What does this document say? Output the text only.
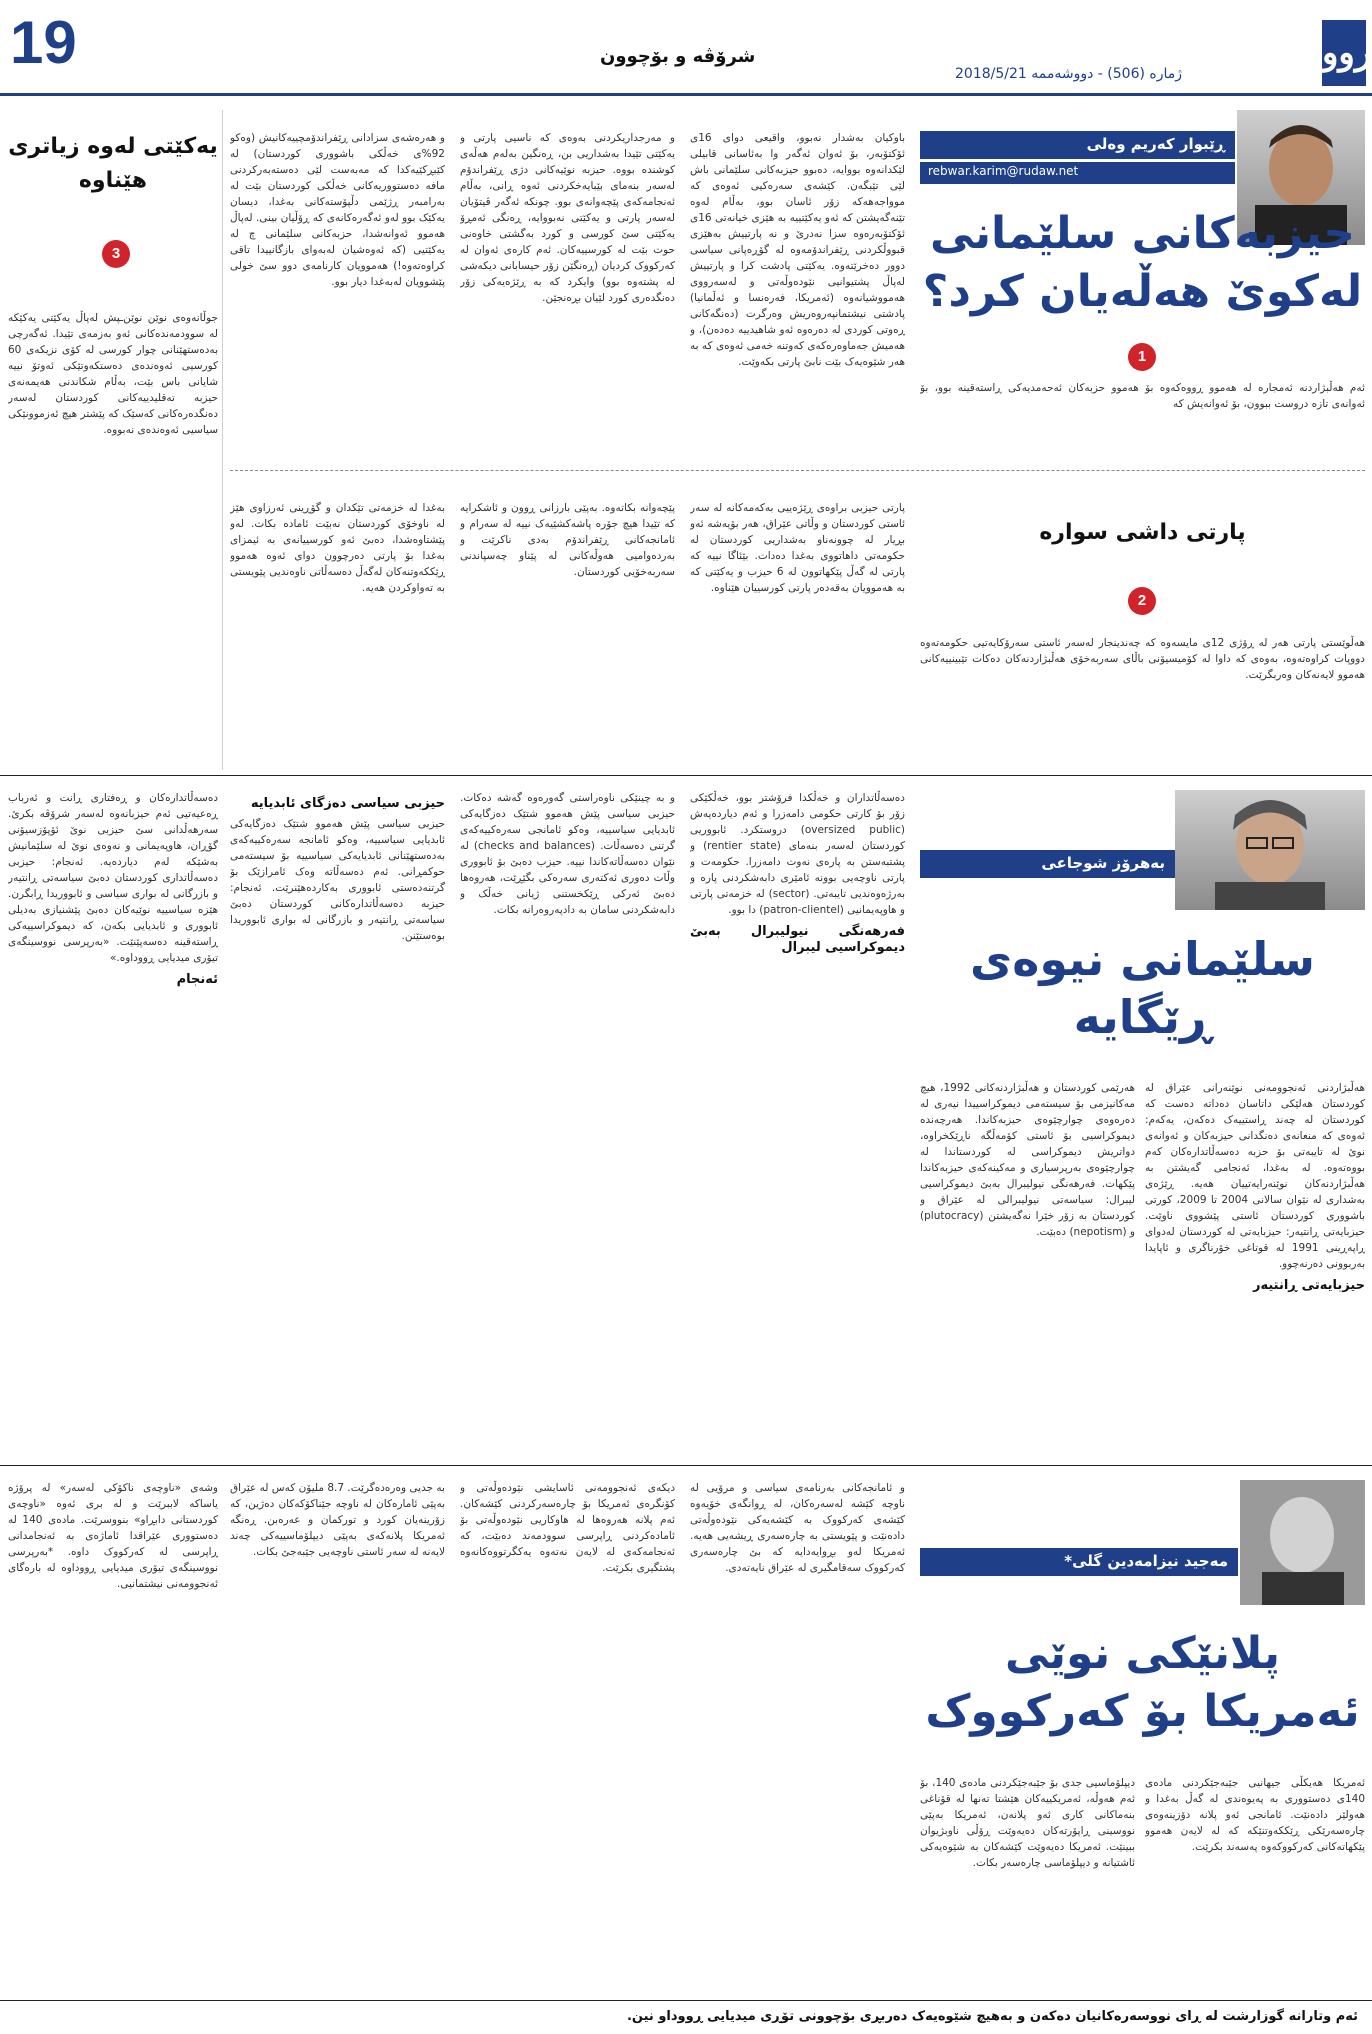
19	شرۆڤە و بۆچوون
ژمارە (506) - دووشەممە 2018/5/21
روو
ڕێبوار کەریم وەلی
rebwar.karim@rudaw.net
حیزبەکانی سلێمانی لەکوێ هەڵەیان کرد؟
1

ئەم هەڵبژاردنە ئەمجارە لە هەموو ڕووەکەوە بۆ هەموو حزبەکان ئەحەمدیەکی ڕاستەقینە بوو، بۆ ئەوانەی تازە دروست ببوون، بۆ ئەوانەیش کە

باوکیان بەشدار نەبوو، واقیعی دوای 16ی ئۆکتۆبەر، بۆ ئەوان ئەگەر وا بەئاسانی قابیلی لێکدانەوە بووایە، دەبوو حیزبەکانی سلێمانی باش لێی تێبگەن. کێشەی سەرەکیی ئەوەی کە موواجەهەکە زۆر ئاسان بوو، بەڵام لەوە تێنەگەیشتن کە ئەو یەکێتییە بە هێزی خیانەتی 16ی ئۆکتۆبەرەوە سزا نەدرێ و نە پارتییش بەهێزی قبووڵکردنی ڕێفراندۆمەوە لە گۆڕەپانی سیاسی دوور دەخرێتەوە. یەکێتی پادشت کرا و پارتییش لەپاڵ پشتیوانیی نێودەوڵەتی و لەسەرووی هەمووشیانەوە (ئەمریکا، فەرەنسا و ئەڵمانیا) پادشتی نیشتمانپەروەریش وەرگرت (دەنگەکانی ڕەوتی کوردی لە دەرەوە ئەو شاهیدییە دەدەن)، و هەمیش جەماوەرەکەی کەوتنە خەمی ئەوەی کە بە هەر شێوەیەک بێت نابێ پارتی بکەوێت.

و مەرجداریکردنی بەوەی کە ناسیی پارتی و یەکێتی تێیدا بەشداریی بن، ڕەنگین بەلەم هەڵەی کوشندە بووە. حیزبە نوێیەکانی دژی ڕێفراندۆم لەسەر بنەمای بێبایەخکردنی ئەوە ڕانی، بەڵام ئەنجامەکەی پێچەوانەی بوو. چونکە ئەگەر ڤیتۆیان لەسەر پارتی و یەکێتی نەبووایە، ڕەنگی ئەمڕۆ یەکێتی سێ کورسی و کورد بەگشتی خاوەنی حوت بێت لە کورسییەکان. ئەم کارەی ئەوان لە کەرکووک کردیان (ڕەنگێن زۆر حیسابانی دیکەشی لە پشتەوە بوو) وایکرد کە بە ڕێژەیەکی زۆر دەنگدەری کورد لێیان بڕەنجێن.

و هەرەشەی سزادانی ڕێفراندۆمچییەکانیش (وەکو 92%ی خەڵکی باشووری کوردستان) لە کێبڕکێیەکدا کە مەبەست لێی دەستەبەرکردنی مافە دەستووریەکانی خەڵکی کوردستان بێت لە بەرامبەر ڕژێمی دڵپۆستەکانی بەغدا، دیسان یەکێک بوو لەو ئەگەرەکانەی کە ڕۆڵیان بینی. لەپاڵ هەموو ئەوانەشدا، حزبەکانی سلێمانی چ لە یەکێتیی (کە ئەوەشیان لەبەوای بازگانییدا تاقی کراوەتەوە!) هەموویان کارنامەی دوو سێ خولی پێشوویان لەبەغدا دیار بوو.

یەکێتی لەوە زیاتری هێناوە
3

جوڵانەوەی نوێن نوێن‌ـپش لەپاڵ یەکێتی یەکێکە لە سوودمەندەکانی ئەو بەزمەی تێیدا. ئەگەرچی بەدەستهێنانی چوار کورسی لە کۆی نزیکەی 60 کورسیی ئەوەندەی دەستکەوتێکی ئەوتۆ نییە شایانی باس بێت، بەڵام شکاندنی هەیمەنەی حیزبە تەقلیدییەکانی کوردستان لەسەر دەنگدەرەکانی کەسێک کە پێشتر هیچ ئەزموونێکی سیاسیی ئەوەندەی نەبووە.

پارتی داشی سوارە
2

هەڵوێستی پارتی هەر لە ڕۆژی 12ی مایسەوە کە چەندینجار لەسەر ئاستی سەرۆکایەتیی حکومەتەوە دووپات کراوەتەوە، بەوەی کە داوا لە کۆمیسیۆنی باڵای سەربەخۆی هەڵبژاردنەکان دەکات تێبینییەکانی هەموو لایەنەکان وەربگرێت.

پارتی حیزبی براوەی ڕێژەییی بەکەمەکانە لە سەر ئاستی کوردستان و وڵاتی عێراق، هەر بۆیەشە ئەو بڕیار لە چوونەناو بەشداریی کوردستان لە حکومەتی داهاتووی بەغدا دەدات. بێئاگا نییە کە پارتی لە گەڵ پێکهاتوون لە 6 حیزب و یەکێتی کە بە هەموویان بەقەدەر پارتی کورسییان هێناوە.

پێچەوانە بکاتەوە. بەپێی بارزانی ڕوون و ئاشکرایە کە تێیدا هیچ جۆرە پاشەکشێیەک نییە لە سەرام و ئامانجەکانی ڕێفراندۆم بەدی ناکرێت و بەردەوامیی هەوڵەکانی لە پێناو چەسپاندنی سەربەخۆیی کوردستان.

بەغدا لە خزمەتی تێکدان و گۆڕینی ئەرزاوی هێز لە ناوخۆی کوردستان نەبێت ئامادە بکات. لەو پێشتاوەشدا، دەبێ ئەو کورسییانەی بە ئیمزای بەغدا بۆ پارتی دەرچوون دوای ئەوە هەموو ڕێککەوتنەکان لەگەڵ دەسەڵاتی ناوەندیی پێویستی بە تەواوکردن هەیە.

بەهرۆز شوجاعی
سلێمانی نیوەی ڕێگایە

هەڵبژاردنی ئەنجوومەنی نوێنەرانی عێراق لە کوردستان هەلێکی داتاسان دەداتە دەست کە کوردستان لە چەند ڕاستییەک دەکەن، یەکەم: ئەوەی کە منعانەی دەنگدانی حیزبەکان و ئەوانەی نوێ لە تایبەتی بۆ حزبە دەسەڵاتدارەکان کەم بووەتەوە. لە بەغدا، ئەنجامی گەیشتن بە هەڵبژاردنەکان نوێنەرایەتییان هەیە. ڕێژەی بەشداری لە نێوان سالانی 2004 تا 2009، کورتی باشووری کوردستان ئاستی پێشووی ناوێت. حیزبایەتی ڕانتیەر: حیزبایەتی لە کوردستان لەدوای ڕاپەڕینی 1991 لە قوتاغی خۆرناگری و ئاپایدا بەربوونی دەرنەچوو.

حیزبایەتی ڕانتیەر

هەرێمی کوردستان و هەڵبژاردنەکانی 1992، هیچ مەکانیزمی بۆ سیستەمی دیموکراسییدا نیەری لە دەرەوەی چوارچێوەی حیزبەکاندا. هەرچەندە دیموکراسیی بۆ ئاستی کۆمەڵگە ناڕێکخراوە، دواتریش دیموکراسی لە کوردستاندا لە چوارچێوەی بەرپرسیاری و مەکینەکەی حیزبەکاندا پێکهات. فەرهەنگی نیولیبرال بەبێ دیموکراسیی لیبرال: سیاسەتی نیولیبرالی لە عێراق و کوردستان بە زۆر خێرا نەگەیشتن (plutocracy) و (nepotism) دەبێت.

دەسەڵاتداران و خەڵکدا فرۆشتر بوو، خەڵکێکی زۆر بۆ کارتی حکومی دامەزرا و ئەم دیاردەیەش (oversized public) دروستکرد. ئابووریی کوردستان لەسەر بنەمای (rentier state) و پشتبەستن بە پارەی نەوت دامەزرا. حکومەت و پارتی ناوچەیی بوونە ئامێری دابەشکردنی پارە و بەرژەوەندیی تایبەتی. (sector) لە خزمەتی پارتی و هاوپەیمانیی (patron-clientel) دا بوو.

فەرهەنگی نیولیبرال بەبێ دیموکراسیی لیبرال

و بە چینێکی ناوەراستی گەورەوە گەشە دەکات. حیزبی سیاسی پێش هەموو شتێک دەزگایەکی ئابدیایی سیاسییە، وەکو ئامانجی سەرەکییەکەی گرتنی دەسەڵات. (checks and balances) لە نێوان دەسەڵاتەکاندا نییە. حیزب دەبێ بۆ ئابووری وڵات دەوری ئەکتەری سەرەکی بگێڕێت، هەروەها دەبێ ئەرکی ڕێکخستنی ژیانی خەڵک و دابەشکردنی سامان بە دادپەروەرانە بکات.

حیزبی سیاسی دەزگای ئابدیایە

حیزبی سیاسی پێش هەموو شتێک دەزگایەکی ئابدیایی سیاسییە، وەکو ئامانجە سەرەکییەکەی بەدەستهێنانی ئابدیایەکی سیاسییە بۆ سیستەمی حوکمڕانی. ئەم دەسەڵاتە وەک ئامرازێک بۆ گرتنەدەستی ئابووری بەکاردەهێنرێت. ئەنجام: حیزبە دەسەڵاتدارەکانی کوردستان دەبێ سیاسەتی ڕانتیەر و بازرگانی لە بواری ئابووریدا بوەستێنن.

دەسەڵاتدارەکان و ڕەفتاری ڕانت و ئەرباب ڕەعیەتیی ئەم حیزبانەوە لەسەر شرۆڤە بکرێ. سەرهەڵدانی سێ حیزبی نوێ ئۆپۆزسیۆنی گۆڕان، هاوپەیمانی و نەوەی نوێ لە سلێمانیش بەشێکە لەم دیاردەیە. ئەنجام: حیزبی دەسەڵاتداری کوردستان دەبێ سیاسەتی ڕانتیەر و بازرگانی لە بواری سیاسی و ئابووریدا ڕابگرن. هێزە سیاسییە نوێیەکان دەبێ پێشنیازی بەدیلی ئابووری و ئابدیایی بکەن، کە دیموکراسییەکی ڕاستەقینە دەسەپێنێت. «بەرپرسی نووسینگەی تیۆری میدیایی ڕووداوە.»

ئەنجام
مەجید نیزامەدین گلی*
پلانێکی نوێی ئەمریکا بۆ کەرکووک

ئەمریکا هەیکڵی جیهانیی جێبەجێکردنی مادەی 140ی دەستووری بە پەیوەندی لە گەڵ بەغدا و هەولێر دادەنێت. ئامانجی ئەو پلانە دۆزینەوەی چارەسەرێکی ڕێککەوتنێکە کە لە لایەن هەموو پێکهاتەکانی کەرکووکەوە پەسەند بکرێت.

دیپلۆماسیی جدی بۆ جێبەجێکردنی مادەی 140، بۆ ئەم هەوڵە، ئەمریکییەکان هێشتا تەنها لە قۆناغی بنەماکانی کاری ئەو پلانەن، ئەمریکا بەپێی نووسینی ڕاپۆرتەکان دەیەوێت ڕۆڵی ناوبژیوان ببینێت. ئەمریکا دەیەوێت کێشەکان بە شێوەیەکی ئاشتیانە و دیپلۆماسی چارەسەر بکات.

و ئامانجەکانی بەرنامەی سیاسی و مرۆیی لە ناوچە کێشە لەسەرەکان، لە ڕوانگەی خۆیەوە کێشەی کەرکووک بە کێشەیەکی نێودەوڵەتی دادەنێت و پێویستی بە چارەسەری ڕیشەیی هەیە. ئەمریکا لەو بڕوایەدایە کە بێ چارەسەری کەرکووک سەقامگیری لە عێراق نایەتەدی.

دیکەی ئەنجوومەنی ئاسایشی نێودەوڵەتی و کۆنگرەی ئەمریکا بۆ چارەسەرکردنی کێشەکان. ئەم پلانە هەروەها لە هاوکاریی نێودەوڵەتی بۆ ئامادەکردنی ڕاپرسی سوودمەند دەبێت، کە ئەنجامەکەی لە لایەن نەتەوە یەکگرتووەکانەوە پشتگیری بکرێت.

بە جدیی وەرەدەگرێت. 8.7 ملیۆن کەس لە عێراق بەپێی ئامارەکان لە ناوچە جێناکۆکەکان دەژین، کە زۆرینەیان کورد و تورکمان و عەرەبن. ڕەنگە ئەمریکا پلانەکەی بەپێی دیپلۆماسییەکی چەند لایەنە لە سەر ئاستی ناوچەیی جێبەجێ بکات.

وشەی «ناوچەی ناکۆکی لەسەر» لە پرۆژە یاساکە لاببرێت و لە بری ئەوە «ناوچەی کوردستانی دابڕاو» بنووسرێت. مادەی 140 لە دەستووری عێراقدا ئاماژەی بە ئەنجامدانی ڕاپرسی لە کەرکووک داوە. *بەرپرسی نووسینگەی تیۆری میدیایی ڕووداوە لە بارەگای ئەنجوومەنی نیشتمانیی.

ئەم وتارانە گوزارشت لە ڕای نووسەرەکانیان دەکەن و بەهیچ شێوەیەک دەربڕی بۆچوونی تۆڕی میدیایی ڕووداو نین.
